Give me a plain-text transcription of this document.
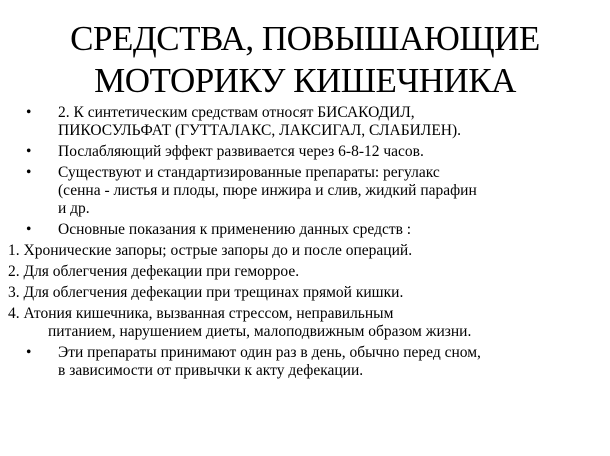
СРЕДСТВА, ПОВЫШАЮЩИЕ
МОТОРИКУ КИШЕЧНИКА
•	2. К синтетическим средствам относят БИСАКОДИЛ,
ПИКОСУЛЬФАТ (ГУТТАЛАКС, ЛАКСИГАЛ, СЛАБИЛЕН).
•	Послабляющий эффект развивается через 6-8-12 часов.
•	Существуют и стандартизированные препараты: регулакс
(сенна - листья и плоды, пюре инжира и слив, жидкий парафин
и др.
•	Основные показания к применению данных средств :
1. Хронические запоры; острые запоры до и после операций.
2. Для облегчения дефекации при геморрое.
3. Для облегчения дефекации при трещинах прямой кишки.
4. Атония кишечника, вызванная стрессом, неправильным
питанием, нарушением диеты, малоподвижным образом жизни.
•	Эти препараты принимают один раз в день, обычно перед сном,
в зависимости от привычки к акту дефекации.
